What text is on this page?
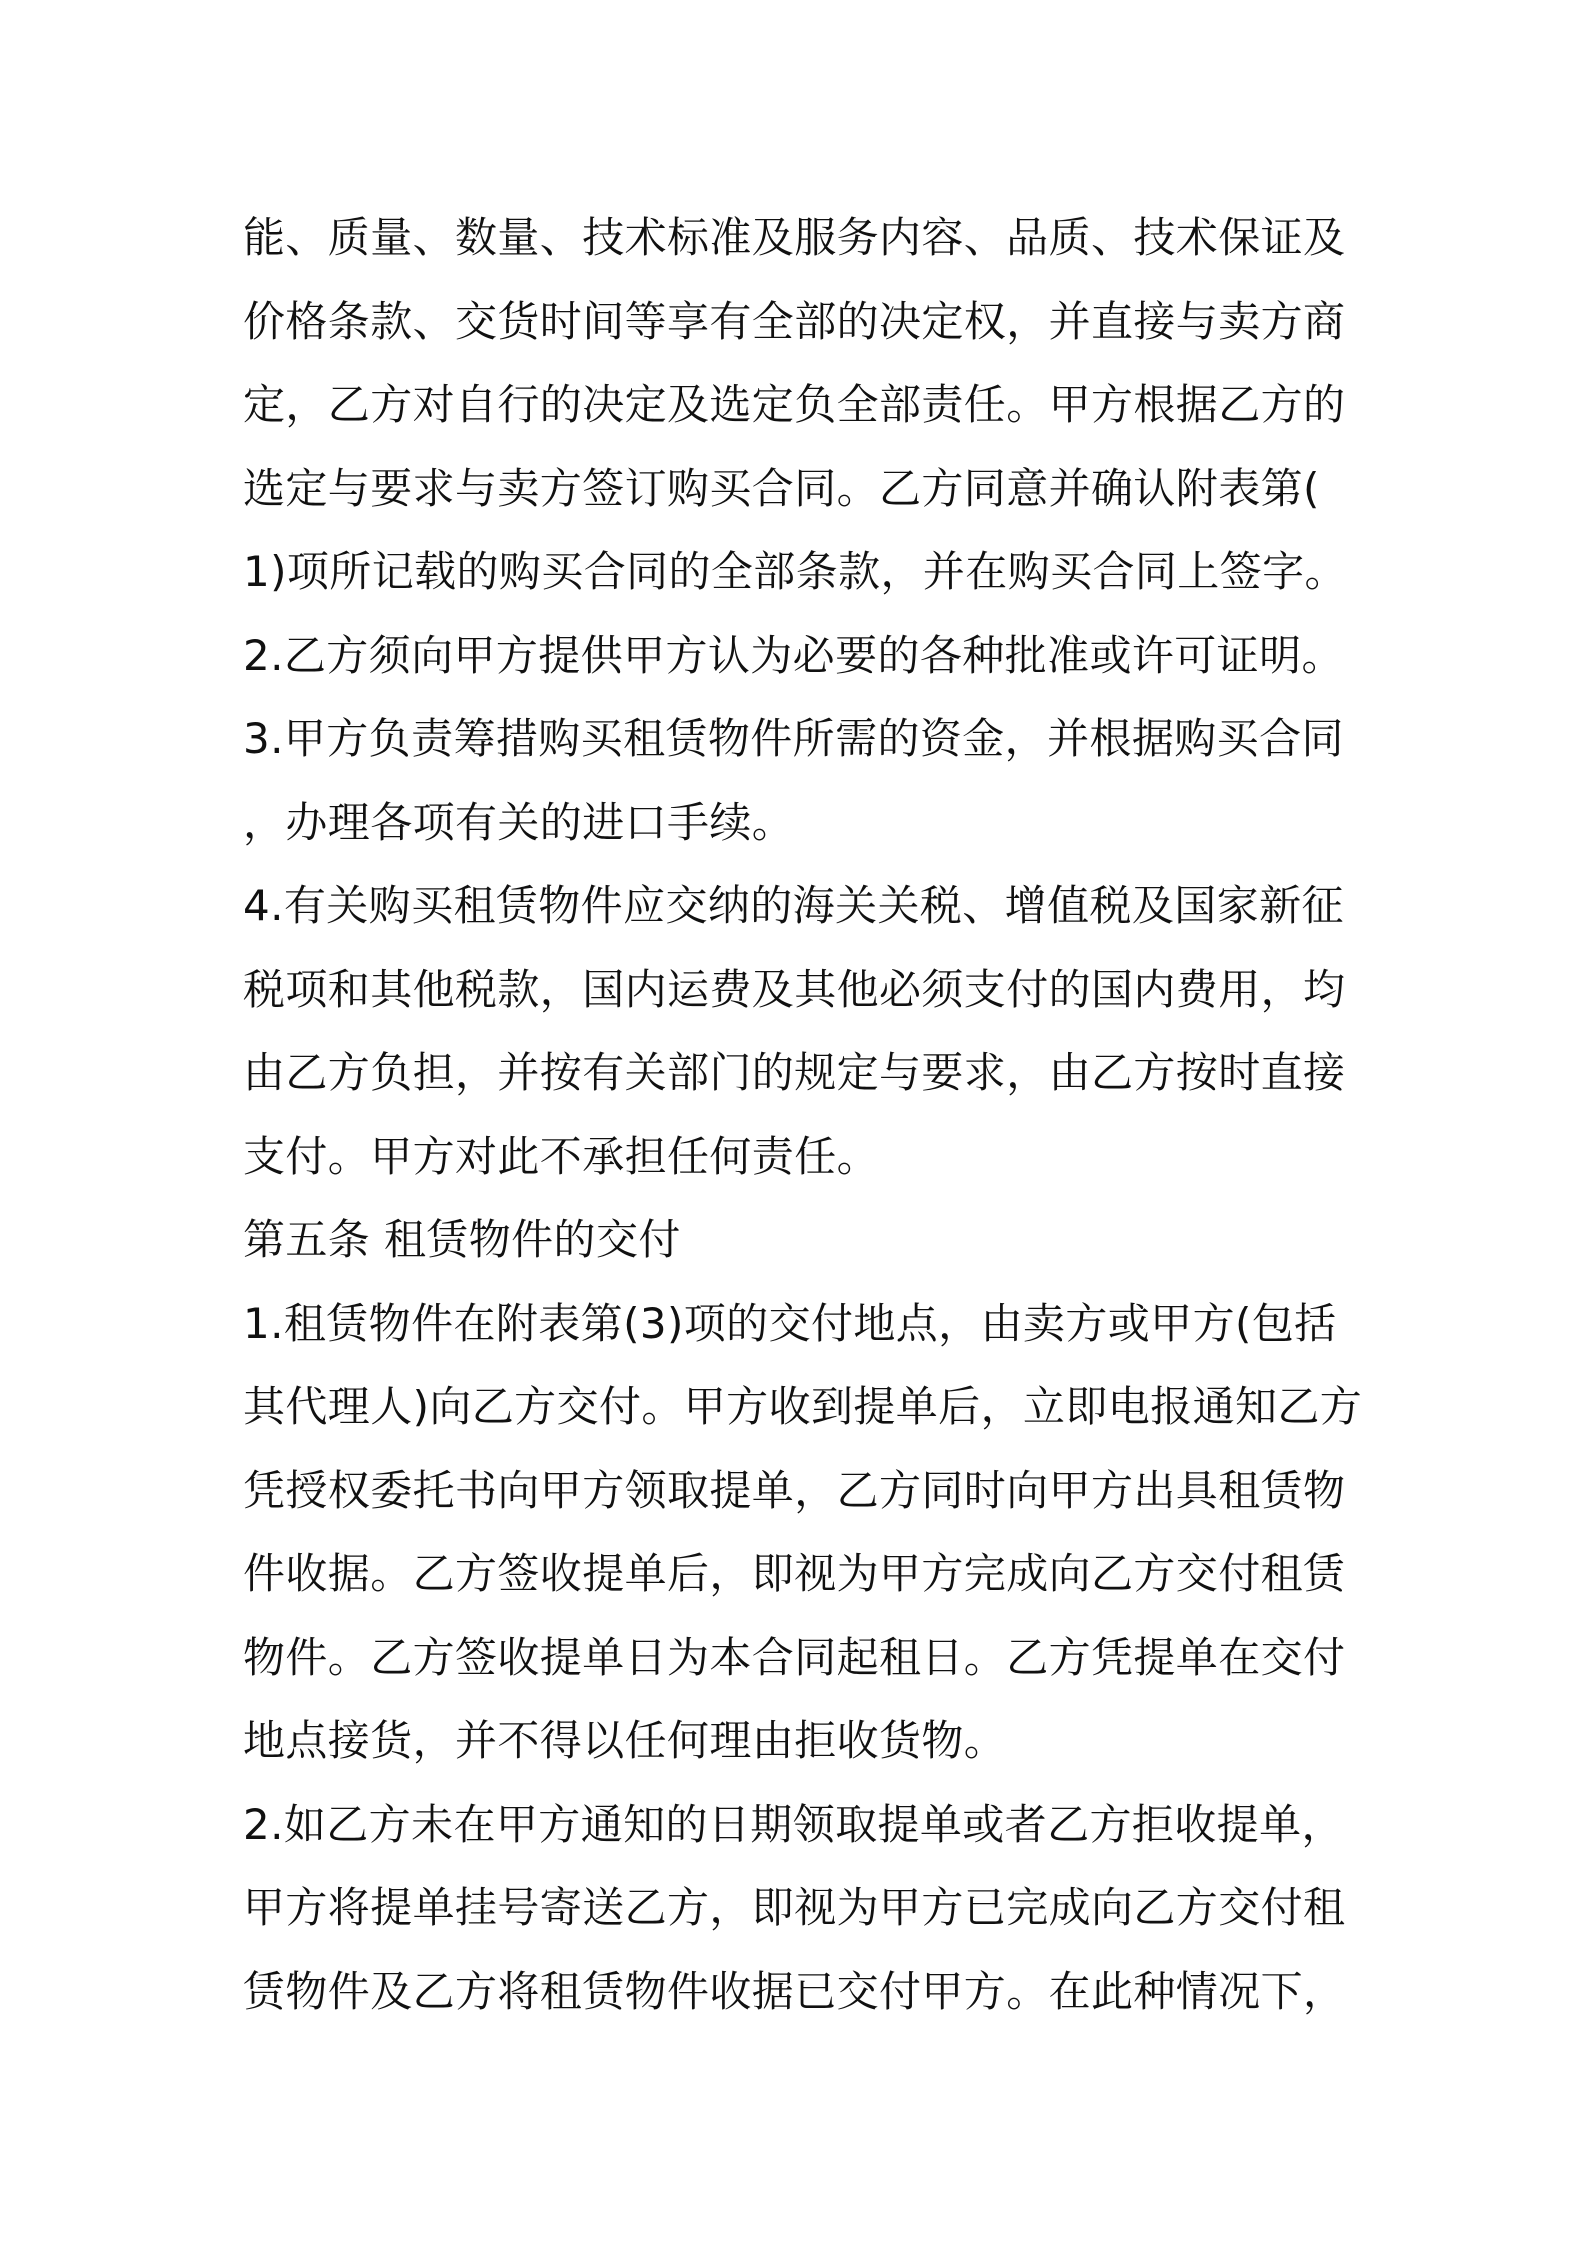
能、质量、数量、技术标准及服务内容、品质、技术保证及
价格条款、交货时间等享有全部的决定权，并直接与卖方商
定，乙方对自行的决定及选定负全部责任。甲方根据乙方的
选定与要求与卖方签订购买合同。乙方同意并确认附表第(
1)项所记载的购买合同的全部条款，并在购买合同上签字。
2.乙方须向甲方提供甲方认为必要的各种批准或许可证明。
3.甲方负责筹措购买租赁物件所需的资金，并根据购买合同
，办理各项有关的进口手续。
4.有关购买租赁物件应交纳的海关关税、增值税及国家新征
税项和其他税款，国内运费及其他必须支付的国内费用，均
由乙方负担，并按有关部门的规定与要求，由乙方按时直接
支付。甲方对此不承担任何责任。
第五条 租赁物件的交付
1.租赁物件在附表第(3)项的交付地点，由卖方或甲方(包括
其代理人)向乙方交付。甲方收到提单后，立即电报通知乙方
凭授权委托书向甲方领取提单，乙方同时向甲方出具租赁物
件收据。乙方签收提单后，即视为甲方完成向乙方交付租赁
物件。乙方签收提单日为本合同起租日。乙方凭提单在交付
地点接货，并不得以任何理由拒收货物。
2.如乙方未在甲方通知的日期领取提单或者乙方拒收提单，
甲方将提单挂号寄送乙方，即视为甲方已完成向乙方交付租
赁物件及乙方将租赁物件收据已交付甲方。在此种情况下，
